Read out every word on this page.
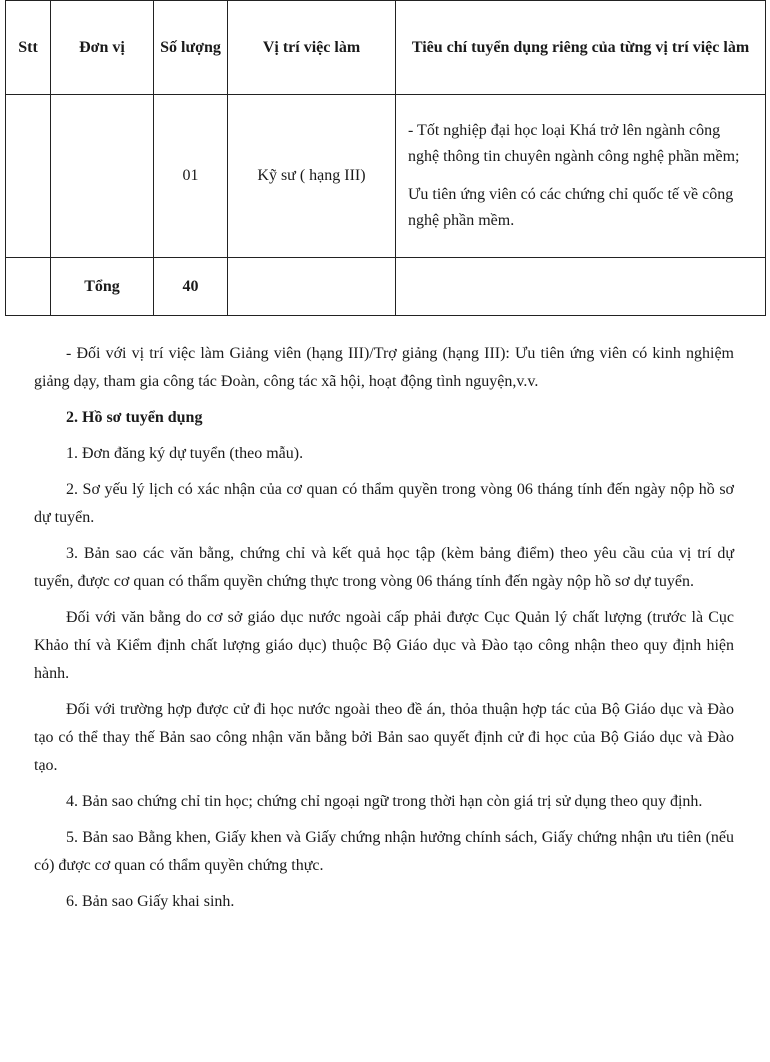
Stt	Đơn vị	Số lượng	Vị trí việc làm	Tiêu chí tuyển dụng riêng của từng vị trí việc làm
		01	Kỹ sư ( hạng III)	- Tốt nghiệp đại học loại Khá trở lên ngành công nghệ thông tin chuyên ngành công nghệ phần mềm;

Ưu tiên ứng viên có các chứng chỉ quốc tế về công nghệ phần mềm.

	Tổng	40		

- Đối với vị trí việc làm Giảng viên (hạng III)/Trợ giảng (hạng III): Ưu tiên ứng viên có kinh nghiệm giảng dạy, tham gia công tác Đoàn, công tác xã hội, hoạt động tình nguyện,v.v.

2. Hồ sơ tuyển dụng

1. Đơn đăng ký dự tuyển (theo mẫu).

2. Sơ yếu lý lịch có xác nhận của cơ quan có thẩm quyền trong vòng 06 tháng tính đến ngày nộp hồ sơ dự tuyển.

3. Bản sao các văn bằng, chứng chỉ và kết quả học tập (kèm bảng điểm) theo yêu cầu của vị trí dự tuyển, được cơ quan có thẩm quyền chứng thực trong vòng 06 tháng tính đến ngày nộp hồ sơ dự tuyển.

Đối với văn bằng do cơ sở giáo dục nước ngoài cấp phải được Cục Quản lý chất lượng (trước là Cục Khảo thí và Kiểm định chất lượng giáo dục) thuộc Bộ Giáo dục và Đào tạo công nhận theo quy định hiện hành.

Đối với trường hợp được cử đi học nước ngoài theo đề án, thỏa thuận hợp tác của Bộ Giáo dục và Đào tạo có thể thay thế Bản sao công nhận văn bằng bởi Bản sao quyết định cử đi học của Bộ Giáo dục và Đào tạo.

4. Bản sao chứng chỉ tin học; chứng chỉ ngoại ngữ trong thời hạn còn giá trị sử dụng theo quy định.

5. Bản sao Bằng khen, Giấy khen và Giấy chứng nhận hưởng chính sách, Giấy chứng nhận ưu tiên (nếu có) được cơ quan có thẩm quyền chứng thực.

6. Bản sao Giấy khai sinh.
